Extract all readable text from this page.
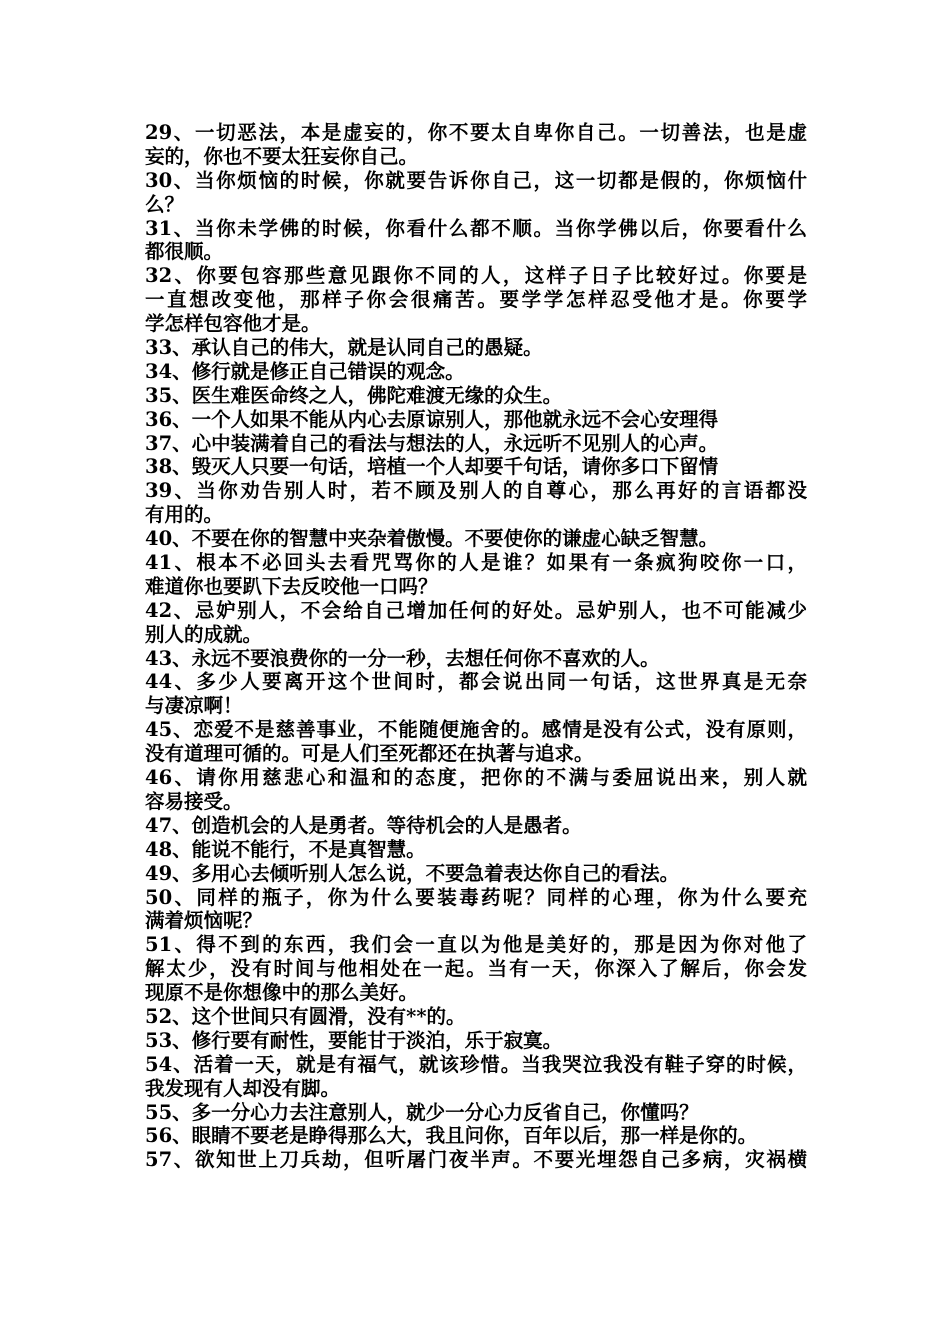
29、一切恶法，本是虚妄的，你不要太自卑你自己。一切善法，也是虚
妄的，你也不要太狂妄你自己。
30、当你烦恼的时候，你就要告诉你自己，这一切都是假的，你烦恼什
么？
31、当你未学佛的时候，你看什么都不顺。当你学佛以后，你要看什么
都很顺。
32、你要包容那些意见跟你不同的人，这样子日子比较好过。你要是
一直想改变他，那样子你会很痛苦。要学学怎样忍受他才是。你要学
学怎样包容他才是。
33、承认自己的伟大，就是认同自己的愚疑。
34、修行就是修正自己错误的观念。
35、医生难医命终之人，佛陀难渡无缘的众生。
36、一个人如果不能从内心去原谅别人，那他就永远不会心安理得
37、心中装满着自己的看法与想法的人，永远听不见别人的心声。
38、毁灭人只要一句话，培植一个人却要千句话，请你多口下留情
39、当你劝告别人时，若不顾及别人的自尊心，那么再好的言语都没
有用的。
40、不要在你的智慧中夹杂着傲慢。不要使你的谦虚心缺乏智慧。
41、根本不必回头去看咒骂你的人是谁？如果有一条疯狗咬你一口，
难道你也要趴下去反咬他一口吗？
42、忌妒别人，不会给自己增加任何的好处。忌妒别人，也不可能减少
别人的成就。
43、永远不要浪费你的一分一秒，去想任何你不喜欢的人。
44、多少人要离开这个世间时，都会说出同一句话，这世界真是无奈
与凄凉啊！
45、恋爱不是慈善事业，不能随便施舍的。感情是没有公式，没有原则，
没有道理可循的。可是人们至死都还在执著与追求。
46、请你用慈悲心和温和的态度，把你的不满与委屈说出来，别人就
容易接受。
47、创造机会的人是勇者。等待机会的人是愚者。
48、能说不能行，不是真智慧。
49、多用心去倾听别人怎么说，不要急着表达你自己的看法。
50、同样的瓶子，你为什么要装毒药呢？同样的心理，你为什么要充
满着烦恼呢？
51、得不到的东西，我们会一直以为他是美好的，那是因为你对他了
解太少，没有时间与他相处在一起。当有一天，你深入了解后，你会发
现原不是你想像中的那么美好。
52、这个世间只有圆滑，没有**的。
53、修行要有耐性，要能甘于淡泊，乐于寂寞。
54、活着一天，就是有福气，就该珍惜。当我哭泣我没有鞋子穿的时候，
我发现有人却没有脚。
55、多一分心力去注意别人，就少一分心力反省自己，你懂吗？
56、眼睛不要老是睁得那么大，我且问你，百年以后，那一样是你的。
57、欲知世上刀兵劫，但听屠门夜半声。不要光埋怨自己多病，灾祸横
